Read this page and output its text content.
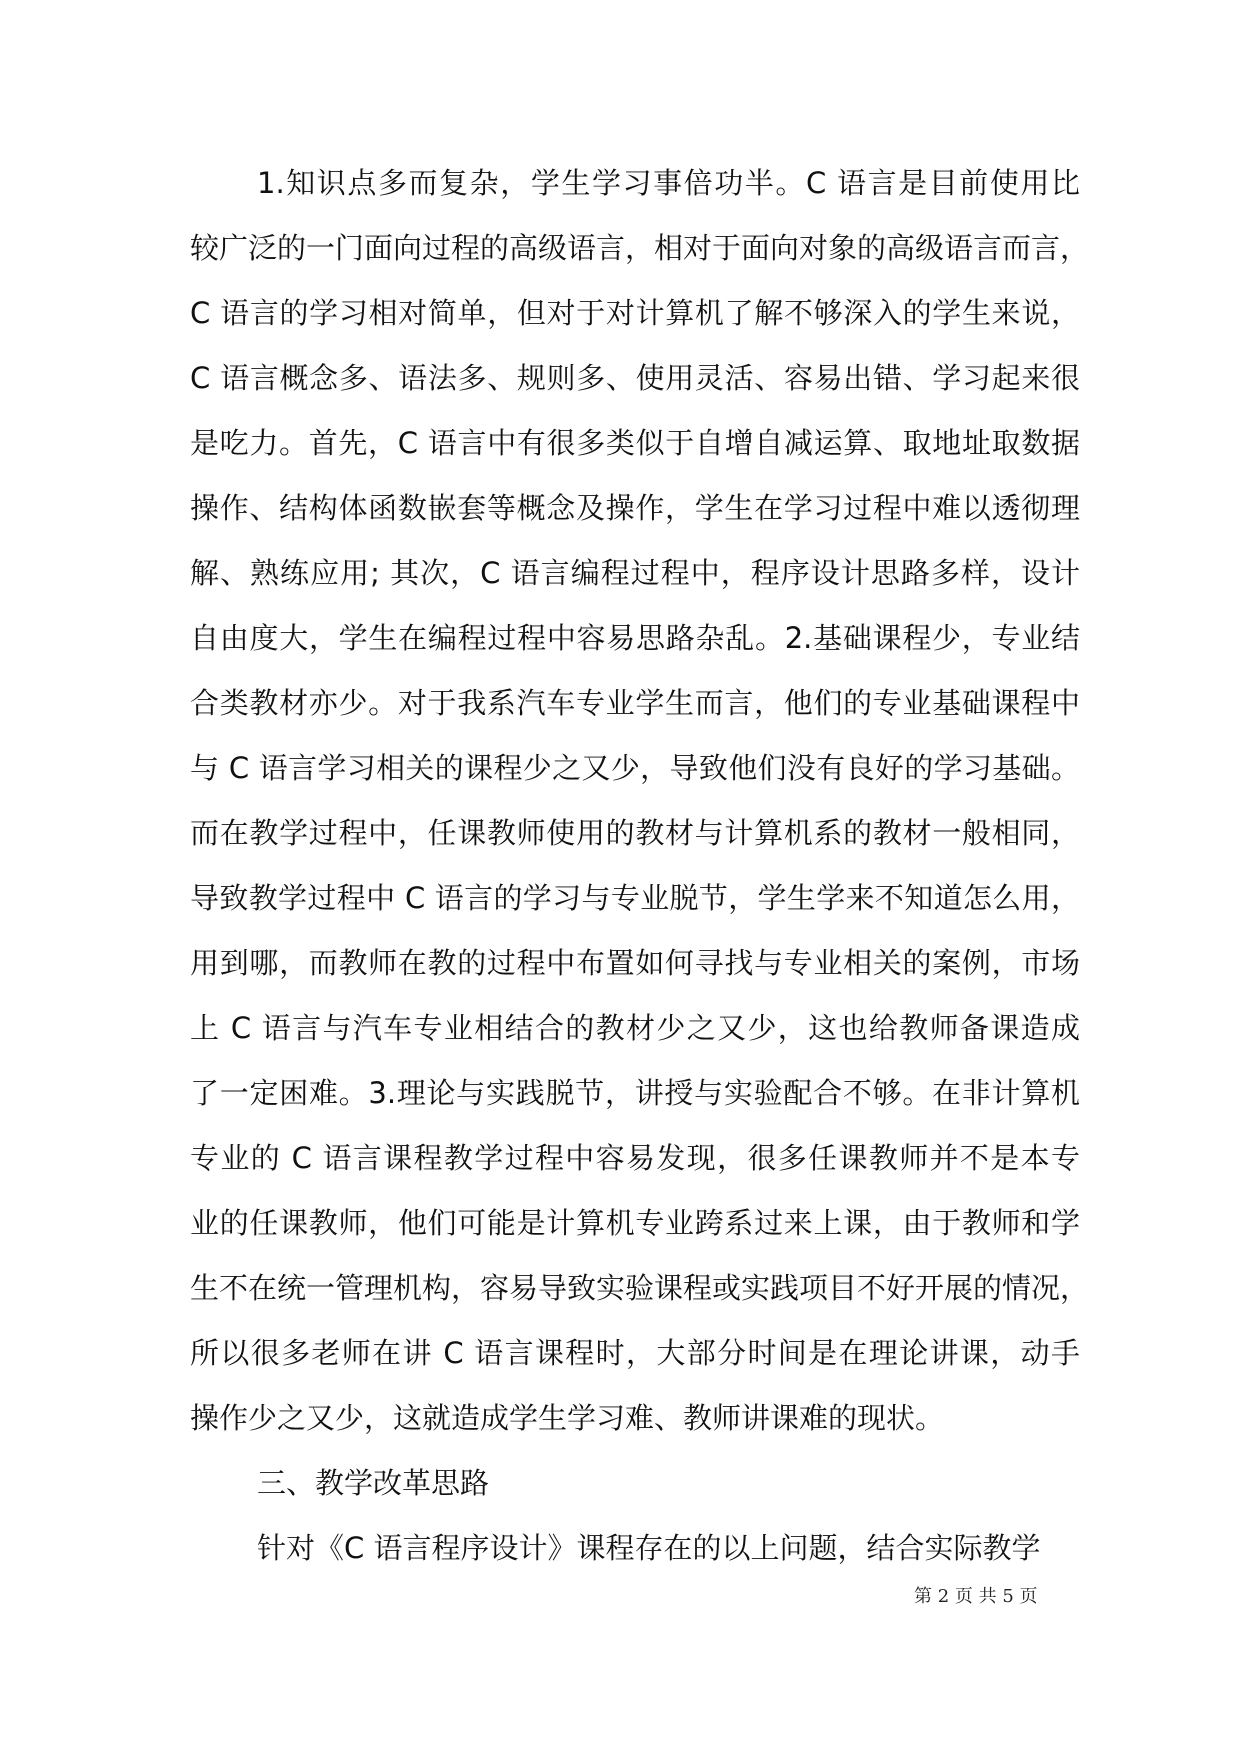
1.知识点多而复杂，学生学习事倍功半。C 语言是目前使用比
较广泛的一门面向过程的高级语言，相对于面向对象的高级语言而言，
C 语言的学习相对简单，但对于对计算机了解不够深入的学生来说，
C 语言概念多、语法多、规则多、使用灵活、容易出错、学习起来很
是吃力。首先，C 语言中有很多类似于自增自减运算、取地址取数据
操作、结构体函数嵌套等概念及操作，学生在学习过程中难以透彻理
解、熟练应用; 其次，C 语言编程过程中，程序设计思路多样，设计
自由度大，学生在编程过程中容易思路杂乱。2.基础课程少，专业结
合类教材亦少。对于我系汽车专业学生而言，他们的专业基础课程中
与 C 语言学习相关的课程少之又少，导致他们没有良好的学习基础。
而在教学过程中，任课教师使用的教材与计算机系的教材一般相同，
导致教学过程中 C 语言的学习与专业脱节，学生学来不知道怎么用，
用到哪，而教师在教的过程中布置如何寻找与专业相关的案例，市场
上 C 语言与汽车专业相结合的教材少之又少，这也给教师备课造成
了一定困难。3.理论与实践脱节，讲授与实验配合不够。在非计算机
专业的 C 语言课程教学过程中容易发现，很多任课教师并不是本专
业的任课教师，他们可能是计算机专业跨系过来上课，由于教师和学
生不在统一管理机构，容易导致实验课程或实践项目不好开展的情况，
所以很多老师在讲 C 语言课程时，大部分时间是在理论讲课，动手
操作少之又少，这就造成学生学习难、教师讲课难的现状。
三、教学改革思路
针对《C 语言程序设计》课程存在的以上问题，结合实际教学
第 2 页 共 5 页
